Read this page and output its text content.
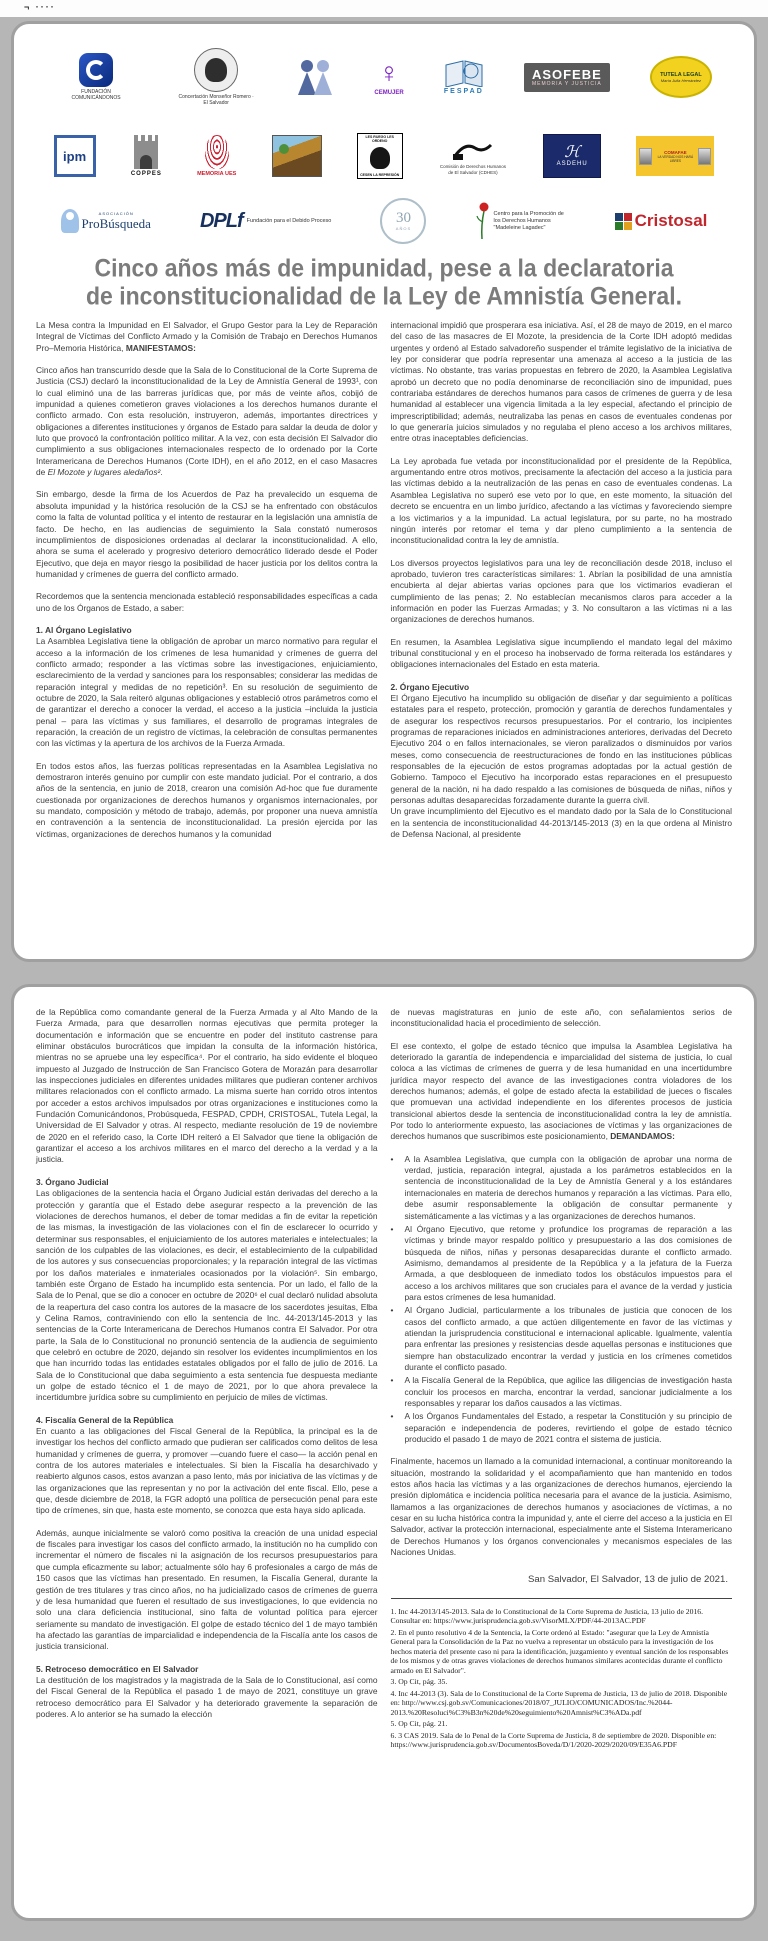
¬ ····
FUNDACIÓN COMUNICÁNDONOS	Concertación Monseñor Romero · El Salvador
♀
CEMUJER	FESPAD
ASOFEBE
MEMORIA Y JUSTICIA
TUTELA LEGAL
María Julia Hernández
ipm
COPPES	MEMORIA UES
LES RUEGO LES ORDENO
CESEN LA REPRESIÓN
Comisión de Derechos Humanos de El Salvador (CDHES)
ℋ
ASDEHU
COMAFAE
LA VERDAD NOS HARÁ LIBRES
ASOCIACIÓN
ProBúsqueda DPLf Fundación para el Debido Proceso	30
AÑOS
Centro para la Promoción de los Derechos Humanos "Madeleine Lagadec"	Cristosal
Cinco años más de impunidad, pese a la declaratoria
de inconstitucionalidad de la Ley de Amnistía General.

La Mesa contra la Impunidad en El Salvador, el Grupo Gestor para la Ley de Reparación Integral de Víctimas del Conflicto Armado y la Comisión de Trabajo en Derechos Humanos Pro–Memoria Histórica, MANIFESTAMOS:

Cinco años han transcurrido desde que la Sala de lo Constitucional de la Corte Suprema de Justicia (CSJ) declaró la inconstitucionalidad de la Ley de Amnistía General de 1993¹, con lo cual eliminó una de las barreras jurídicas que, por más de veinte años, cobijó de impunidad a quienes cometieron graves violaciones a los derechos humanos durante el conflicto armado. Con esta resolución, instruyeron, además, importantes directrices y obligaciones a diferentes instituciones y órganos de Estado para saldar la deuda de dolor y luto que provocó la confrontación político militar. A la vez, con esta decisión El Salvador dio cumplimiento a sus obligaciones internacionales respecto de lo ordenado por la Corte Interamericana de Derechos Humanos (Corte IDH), en el año 2012, en el caso Masacres de El Mozote y lugares aledaños².

Sin embargo, desde la firma de los Acuerdos de Paz ha prevalecido un esquema de absoluta impunidad y la histórica resolución de la CSJ se ha enfrentado con obstáculos como la falta de voluntad política y el intento de restaurar en la legislación una amnistía de facto. De hecho, en las audiencias de seguimiento la Sala constató numerosos incumplimientos de disposiciones ordenadas al declarar la inconstitucionalidad. A ello, ahora se suma el acelerado y progresivo deterioro democrático liderado desde el Poder Ejecutivo, que deja en mayor riesgo la posibilidad de hacer justicia por los delitos contra la humanidad y crímenes de guerra del conflicto armado.

Recordemos que la sentencia mencionada estableció responsabilidades específicas a cada uno de los Órganos de Estado, a saber:

1. Al Órgano Legislativo

La Asamblea Legislativa tiene la obligación de aprobar un marco normativo para regular el acceso a la información de los crímenes de lesa humanidad y crímenes de guerra del conflicto armado; responder a las víctimas sobre las investigaciones, enjuiciamiento, esclarecimiento de la verdad y sanciones para los responsables; considerar las medidas de reparación integral y medidas de no repetición³. En su resolución de seguimiento de octubre de 2020, la Sala reiteró algunas obligaciones y estableció otros parámetros como el de garantizar el derecho a conocer la verdad, el acceso a la justicia –incluida la justicia penal – para las víctimas y sus familiares, el desarrollo de programas integrales de reparación, la creación de un registro de víctimas, la celebración de consultas permanentes con las víctimas y la apertura de los archivos de la Fuerza Armada.

En todos estos años, las fuerzas políticas representadas en la Asamblea Legislativa no demostraron interés genuino por cumplir con este mandato judicial. Por el contrario, a dos años de la sentencia, en junio de 2018, crearon una comisión Ad-hoc que fue duramente cuestionada por organizaciones de derechos humanos y organismos internacionales, por su mandato, composición y método de trabajo, además, por proponer una nueva amnistía en contravención a la sentencia de inconstitucionalidad. La presión ejercida por las víctimas, organizaciones de derechos humanos y la comunidad

internacional impidió que prosperara esa iniciativa. Así, el 28 de mayo de 2019, en el marco del caso de las masacres de El Mozote, la presidencia de la Corte IDH adoptó medidas urgentes y ordenó al Estado salvadoreño suspender el trámite legislativo de la iniciativa de ley por considerar que podría representar una amenaza al acceso a la justicia de las víctimas. No obstante, tras varias propuestas en febrero de 2020, la Asamblea Legislativa aprobó un decreto que no podía denominarse de reconciliación sino de impunidad, pues contrariaba estándares de derechos humanos para casos de crímenes de guerra y de lesa humanidad al establecer una vigencia limitada a la ley especial, afectando el principio de imprescriptibilidad; además, neutralizaba las penas en casos de eventuales condenas por lo que generaría juicios simulados y no regulaba el pleno acceso a los archivos militares, entre otras inaceptables deficiencias.

La Ley aprobada fue vetada por inconstitucionalidad por el presidente de la República, argumentando entre otros motivos, precisamente la afectación del acceso a la justicia para las víctimas debido a la neutralización de las penas en caso de eventuales condenas. La Asamblea Legislativa no superó ese veto por lo que, en este momento, la situación del decreto se encuentra en un limbo jurídico, afectando a las víctimas y favoreciendo siempre a los victimarios y a la impunidad. La actual legislatura, por su parte, no ha mostrado ningún interés por retomar el tema y dar pleno cumplimiento a la sentencia de inconstitucionalidad contra la ley de amnistía.

Los diversos proyectos legislativos para una ley de reconciliación desde 2018, incluso el aprobado, tuvieron tres características similares: 1. Abrían la posibilidad de una amnistía encubierta al dejar abiertas varias opciones para que los victimarios evadieran el cumplimiento de las penas; 2. No establecían mecanismos claros para acceder a la información en poder las Fuerzas Armadas; y 3. No consultaron a las víctimas ni a las organizaciones de derechos humanos.

En resumen, la Asamblea Legislativa sigue incumpliendo el mandato legal del máximo tribunal constitucional y en el proceso ha inobservado de forma reiterada los estándares y obligaciones internacionales del Estado en esta materia.

2. Órgano Ejecutivo

El Órgano Ejecutivo ha incumplido su obligación de diseñar y dar seguimiento a políticas estatales para el respeto, protección, promoción y garantía de derechos fundamentales y de asegurar los respectivos recursos presupuestarios. Por el contrario, los incipientes programas de reparaciones iniciados en administraciones anteriores, derivadas del Decreto Ejecutivo 204 o en fallos internacionales, se vieron paralizados o disminuidos por varios meses, como consecuencia de reestructuraciones de fondo en las instituciones públicas responsables de la ejecución de estos programas adoptadas por la actual gestión de Gobierno. Tampoco el Ejecutivo ha incorporado estas reparaciones en el presupuesto general de la nación, ni ha dado respaldo a las comisiones de búsqueda de niñas, niños y personas adultas desaparecidas forzadamente durante la guerra civil.

Un grave incumplimiento del Ejecutivo es el mandato dado por la Sala de lo Constitucional en la sentencia de inconstitucionalidad 44-2013/145-2013 (3) en la que ordena al Ministro de Defensa Nacional, al presidente

de la República como comandante general de la Fuerza Armada y al Alto Mando de la Fuerza Armada, para que desarrollen normas ejecutivas que permita proteger la documentación e información que se encuentre en poder del instituto castrense para eliminar obstáculos burocráticos que impidan la consulta de la información histórica, mientras no se apruebe una ley específica⁴. Por el contrario, ha sido evidente el bloqueo impuesto al Juzgado de Instrucción de San Francisco Gotera de Morazán para desarrollar las inspecciones judiciales en diferentes unidades militares que pudieran contener archivos militares relacionados con el conflicto armado. La misma suerte han corrido otros intentos por acceder a estos archivos impulsados por otras organizaciones e instituciones como la Fundación Comunicándonos, Probúsqueda, FESPAD, CPDH, CRISTOSAL, Tutela Legal, la Universidad de El Salvador y otras. Al respecto, mediante resolución de 19 de noviembre de 2020 en el referido caso, la Corte IDH reiteró a El Salvador que tiene la obligación de garantizar el acceso a los archivos militares en el marco del derecho a la verdad y a la justicia.

3. Órgano Judicial

Las obligaciones de la sentencia hacia el Órgano Judicial están derivadas del derecho a la protección y garantía que el Estado debe asegurar respecto a la prevención de las violaciones de derechos humanos, el deber de tomar medidas a fin de evitar la repetición de las mismas, la investigación de las violaciones con el fin de esclarecer lo ocurrido y determinar sus responsables, el enjuiciamiento de los autores materiales e intelectuales; la sanción de los culpables de las violaciones, es decir, el establecimiento de la culpabilidad de los autores y sus consecuencias proporcionales; y la reparación integral de las víctimas por los daños materiales e inmateriales ocasionados por la violación⁵. Sin embargo, también este Órgano de Estado ha incumplido esta sentencia. Por un lado, el fallo de la Sala de lo Penal, que se dio a conocer en octubre de 2020⁶ el cual declaró nulidad absoluta de la reapertura del caso contra los autores de la masacre de los sacerdotes jesuitas, Elba y Celina Ramos, contraviniendo con ello la sentencia de Inc. 44-2013/145-2013 y las sentencias de la Corte Interamericana de Derechos Humanos contra El Salvador. Por otra parte, la Sala de lo Constitucional no pronunció sentencia de la audiencia de seguimiento que celebró en octubre de 2020, dejando sin resolver los evidentes incumplimientos en los que han incurrido todas las entidades estatales obligados por el fallo de julio de 2016. La Sala de lo Constitucional que daba seguimiento a esta sentencia fue despuesta mediante un golpe de estado técnico el 1 de mayo de 2021, por lo que ahora prevalece la incertidumbre jurídica sobre su cumplimiento en perjuicio de miles de víctimas.

4. Fiscalía General de la República

En cuanto a las obligaciones del Fiscal General de la República, la principal es la de investigar los hechos del conflicto armado que pudieran ser calificados como delitos de lesa humanidad y crímenes de guerra, y promover —cuando fuere el caso— la acción penal en contra de los autores materiales e intelectuales. Si bien la Fiscalía ha desarchivado y reabierto algunos casos, estos avanzan a paso lento, más por iniciativa de las víctimas y de las organizaciones que las representan y no por la activación del ente fiscal. Ello, pese a que, desde diciembre de 2018, la FGR adoptó una política de persecución penal para este tipo de crímenes, sin que, hasta este momento, se conozca que esta haya sido aplicada.

Además, aunque inicialmente se valoró como positiva la creación de una unidad especial de fiscales para investigar los casos del conflicto armado, la institución no ha cumplido con incrementar el número de fiscales ni la asignación de los recursos presupuestarios para que cumpla eficazmente su labor; actualmente sólo hay 6 profesionales a cargo de más de 150 casos que las víctimas han presentado. En resumen, la Fiscalía General, durante la gestión de tres titulares y tras cinco años, no ha judicializado casos de crímenes de guerra y de lesa humanidad que fueren el resultado de sus investigaciones, lo que evidencia no solo una clara deficiencia institucional, sino falta de voluntad política para ejercer seriamente su mandato de investigación. El golpe de estado técnico del 1 de mayo también ha afectado las garantías de imparcialidad e independencia de la Fiscalía ante los casos de justicia transicional.

5. Retroceso democrático en El Salvador

La destitución de los magistrados y la magistrada de la Sala de lo Constitucional, así como del Fiscal General de la República el pasado 1 de mayo de 2021, constituye un grave retroceso democrático para El Salvador y ha deteriorado gravemente la separación de poderes. A lo anterior se ha sumado la elección

de nuevas magistraturas en junio de este año, con señalamientos serios de inconstitucionalidad hacia el procedimiento de selección.

El ese contexto, el golpe de estado técnico que impulsa la Asamblea Legislativa ha deteriorado la garantía de independencia e imparcialidad del sistema de justicia, lo cual coloca a las víctimas de crímenes de guerra y de lesa humanidad en una incertidumbre jurídica mayor respecto del avance de las investigaciones contra violadores de los derechos humanos; además, el golpe de estado afecta la estabilidad de jueces o fiscales que promuevan una actividad independiente en los diferentes procesos de justicia transicional abiertos desde la sentencia de inconstitucionalidad contra la ley de amnistía. Por todo lo anteriormente expuesto, las asociaciones de víctimas y las organizaciones de derechos humanos que suscribimos este posicionamiento, DEMANDAMOS:

•	A la Asamblea Legislativa, que cumpla con la obligación de aprobar una norma de verdad, justicia, reparación integral, ajustada a los parámetros establecidos en la sentencia de inconstitucionalidad de la Ley de Amnistía General y a los estándares internacionales en materia de derechos humanos y reparación a las víctimas. Para ello, debe asumir responsablemente la obligación de consultar permanente y sistemáticamente a las víctimas y a las organizaciones de derechos humanos.
•	Al Órgano Ejecutivo, que retome y profundice los programas de reparación a las víctimas y brinde mayor respaldo político y presupuestario a las dos comisiones de búsqueda de niños, niñas y personas desaparecidas durante el conflicto armado. Asimismo, demandamos al presidente de la República y a la jefatura de la Fuerza Armada, a que desbloqueen de inmediato todos los obstáculos impuestos para el acceso a los archivos militares que son cruciales para el avance de la verdad y justicia para estos crímenes de lesa humanidad.
•	Al Órgano Judicial, particularmente a los tribunales de justicia que conocen de los casos del conflicto armado, a que actúen diligentemente en favor de las víctimas y atiendan la jurisprudencia constitucional e internacional aplicable. Igualmente, valentía para enfrentar las presiones y resistencias desde aquellas personas e instituciones que siempre han obstaculizado encontrar la verdad y justicia en los crímenes cometidos durante el conflicto pasado.
•	A la Fiscalía General de la República, que agilice las diligencias de investigación hasta concluir los procesos en marcha, encontrar la verdad, sancionar judicialmente a los responsables y reparar los daños causados a las víctimas.
•	A los Órganos Fundamentales del Estado, a respetar la Constitución y su principio de separación e independencia de poderes, revirtiendo el golpe de estado técnico producido el pasado 1 de mayo de 2021 contra el sistema de justicia.

Finalmente, hacemos un llamado a la comunidad internacional, a continuar monitoreando la situación, mostrando la solidaridad y el acompañamiento que han mantenido en todos estos años hacia las víctimas y a las organizaciones de derechos humanos, ejerciendo la presión diplomática e incidencia política necesaria para el avance de la justicia. Asimismo, llamamos a las organizaciones de derechos humanos y asociaciones de víctimas, a no cesar en su lucha histórica contra la impunidad y, ante el cierre del acceso a la justicia en El Salvador, activar la protección internacional, especialmente ante el Sistema Interamericano de Derechos Humanos y los órganos convencionales y mecanismos especiales de las Naciones Unidas.

San Salvador, El Salvador, 13 de julio de 2021.

1. Inc 44-2013/145-2013. Sala de lo Constitucional de la Corte Suprema de Justicia, 13 julio de 2016. Consultar en: https://www.jurisprudencia.gob.sv/VisorMLX/PDF/44-2013AC.PDF

2. En el punto resolutivo 4 de la Sentencia, la Corte ordenó al Estado: "asegurar que la Ley de Amnistía General para la Consolidación de la Paz no vuelva a representar un obstáculo para la investigación de los hechos materia del presente caso ni para la identificación, juzgamiento y eventual sanción de los responsables de los mismos y de otras graves violaciones de derechos humanos similares acontecidas durante el conflicto armado en El Salvador".

3. Op Cit, pág. 35.

4. Inc 44-2013 (3). Sala de lo Constitucional de la Corte Suprema de Justicia, 13 de julio de 2018. Disponible en: http://www.csj.gob.sv/Comunicaciones/2018/07_JULIO/COMUNICADOS/Inc.%2044- 2013.%20Resoluci%C3%B3n%20de%20seguimiento%20Amnist%C3%ADa.pdf

5. Op Cit, pág. 21.

6. 3 CAS 2019. Sala de lo Penal de la Corte Suprema de Justicia, 8 de septiembre de 2020. Disponible en: https://www.jurisprudencia.gob.sv/DocumentosBoveda/D/1/2020-2029/2020/09/E35A6.PDF
